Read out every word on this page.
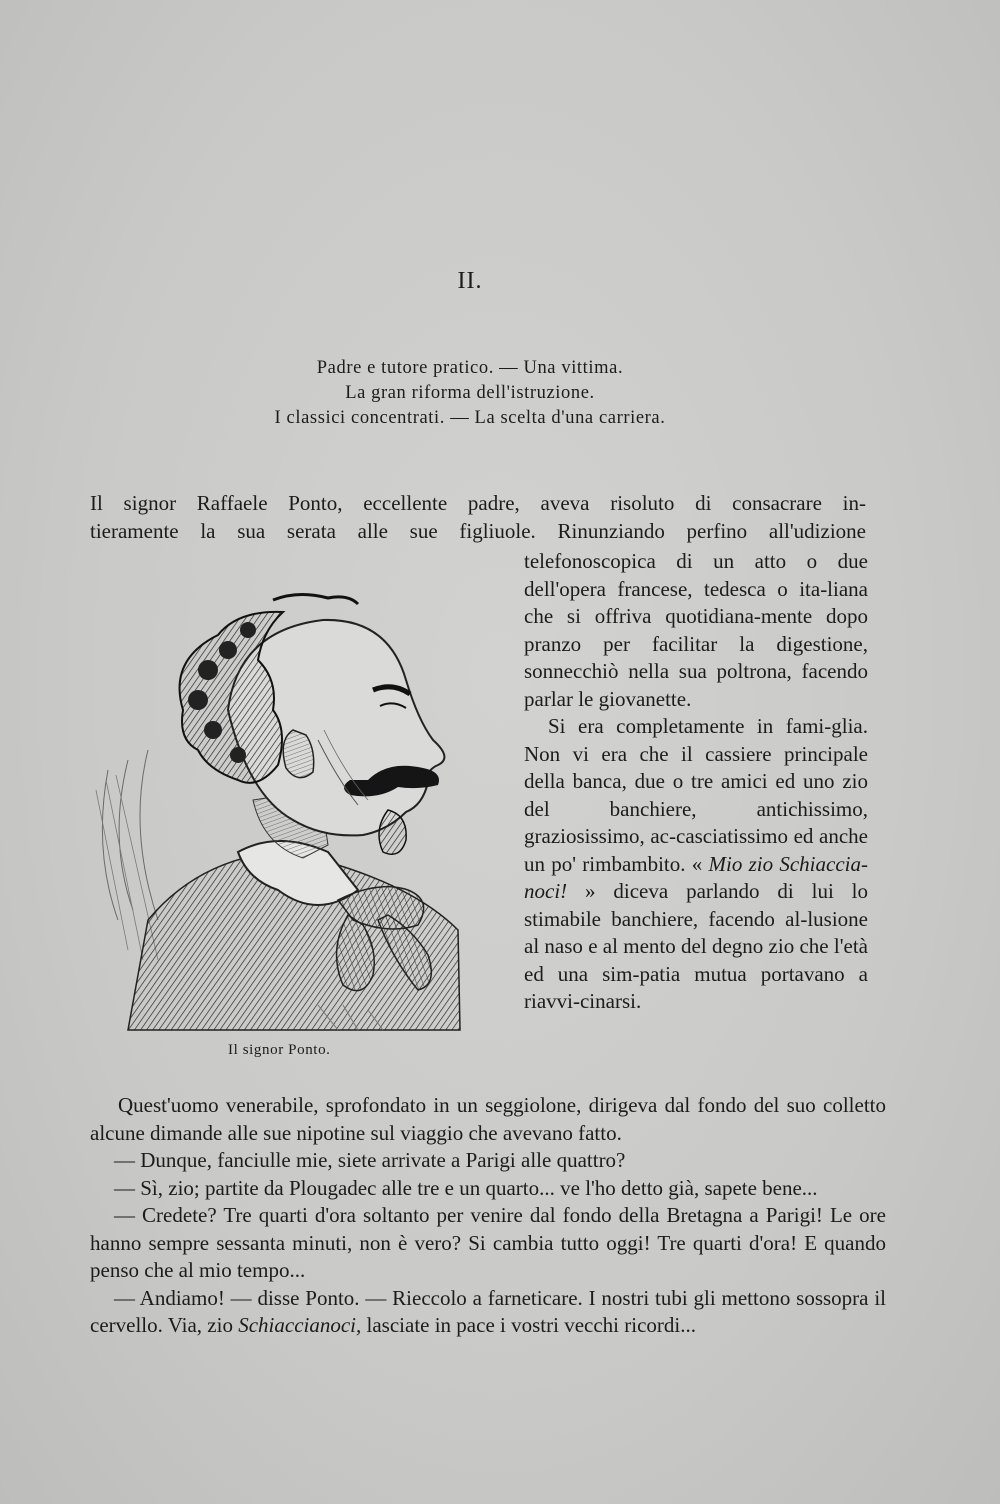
II.
Padre e tutore pratico. — Una vittima.
La gran riforma dell'istruzione.
I classici concentrati. — La scelta d'una carriera.

Il signor Raffaele Ponto, eccellente padre, aveva risoluto di consacrare in-

tieramente la sua serata alle sue figliuole. Rinunziando perfino all'udizione

telefonoscopica di un atto o due dell'opera francese, tedesca o ita-liana che si offriva quotidiana-mente dopo pranzo per facilitar la digestione, sonnecchiò nella sua poltrona, facendo parlar le giovanette.

Si era completamente in fami-glia. Non vi era che il cassiere principale della banca, due o tre amici ed uno zio del banchiere, antichissimo, graziosissimo, ac-casciatissimo ed anche un po' rimbambito. « Mio zio Schiaccia-noci! » diceva parlando di lui lo stimabile banchiere, facendo al-lusione al naso e al mento del degno zio che l'età ed una sim-patia mutua portavano a riavvi-cinarsi.

Il signor Ponto.

Quest'uomo venerabile, sprofondato in un seggiolone, dirigeva dal fondo del suo colletto alcune dimande alle sue nipotine sul viaggio che avevano fatto.

— Dunque, fanciulle mie, siete arrivate a Parigi alle quattro?

— Sì, zio; partite da Plougadec alle tre e un quarto... ve l'ho detto già, sapete bene...

— Credete? Tre quarti d'ora soltanto per venire dal fondo della Bretagna a Parigi! Le ore hanno sempre sessanta minuti, non è vero? Si cambia tutto oggi! Tre quarti d'ora! E quando penso che al mio tempo...

— Andiamo! — disse Ponto. — Rieccolo a farneticare. I nostri tubi gli mettono sossopra il cervello. Via, zio Schiaccianoci, lasciate in pace i vostri vecchi ricordi...
